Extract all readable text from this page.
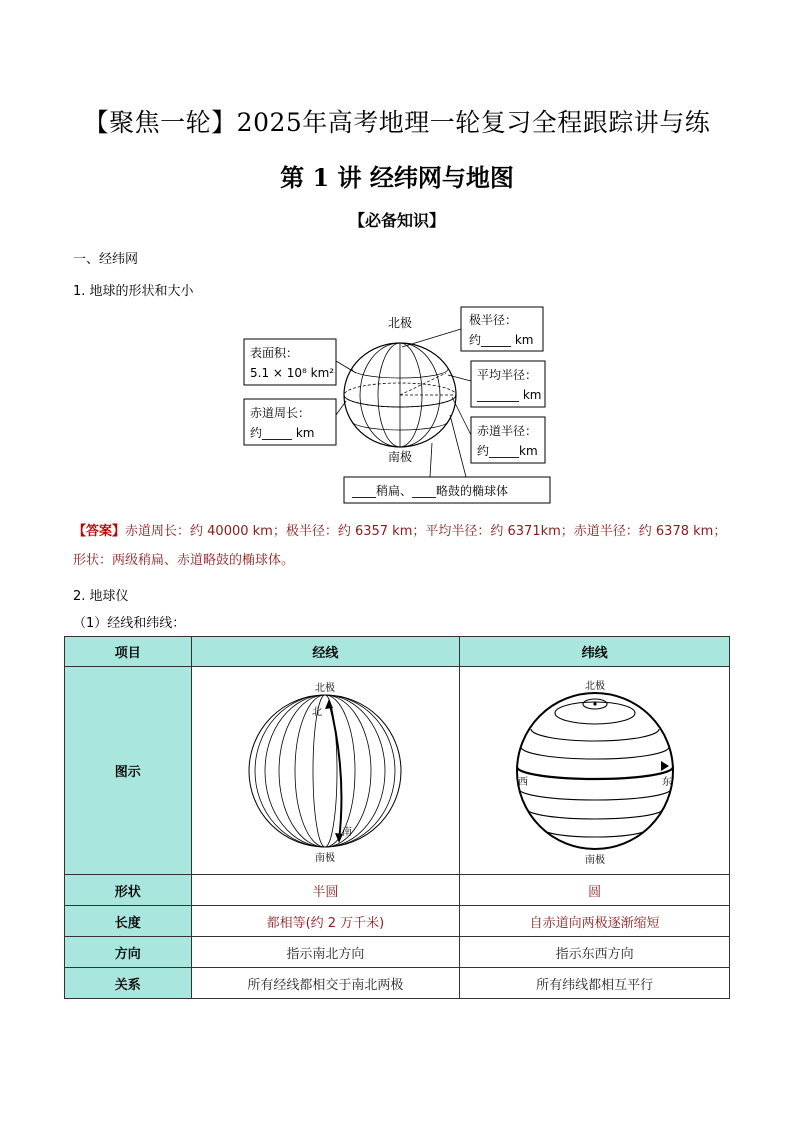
【聚焦一轮】2025年高考地理一轮复习全程跟踪讲与练
第 1 讲 经纬网与地图
【必备知识】
一、经纬网
1. 地球的形状和大小
北极
南极
表面积：
5.1 × 10⁸ km²
赤道周长：
约_____ km
极半径：
约_____ km
平均半径：
_______ km
赤道半径：
约_____km
____稍扁、____略鼓的椭球体
【答案】赤道周长：约 40000 km；极半径：约 6357 km；平均半径：约 6371km；赤道半径：约 6378 km；
形状：两级稍扁、赤道略鼓的椭球体。
2. 地球仪
（1）经线和纬线：
项目	经线	纬线
图示	北极
南极
北
南	北极
南极
西 东

形状	半圆	圆
长度	都相等(约 2 万千米)	自赤道向两极逐渐缩短
方向	指示南北方向	指示东西方向
关系	所有经线都相交于南北两极	所有纬线都相互平行
